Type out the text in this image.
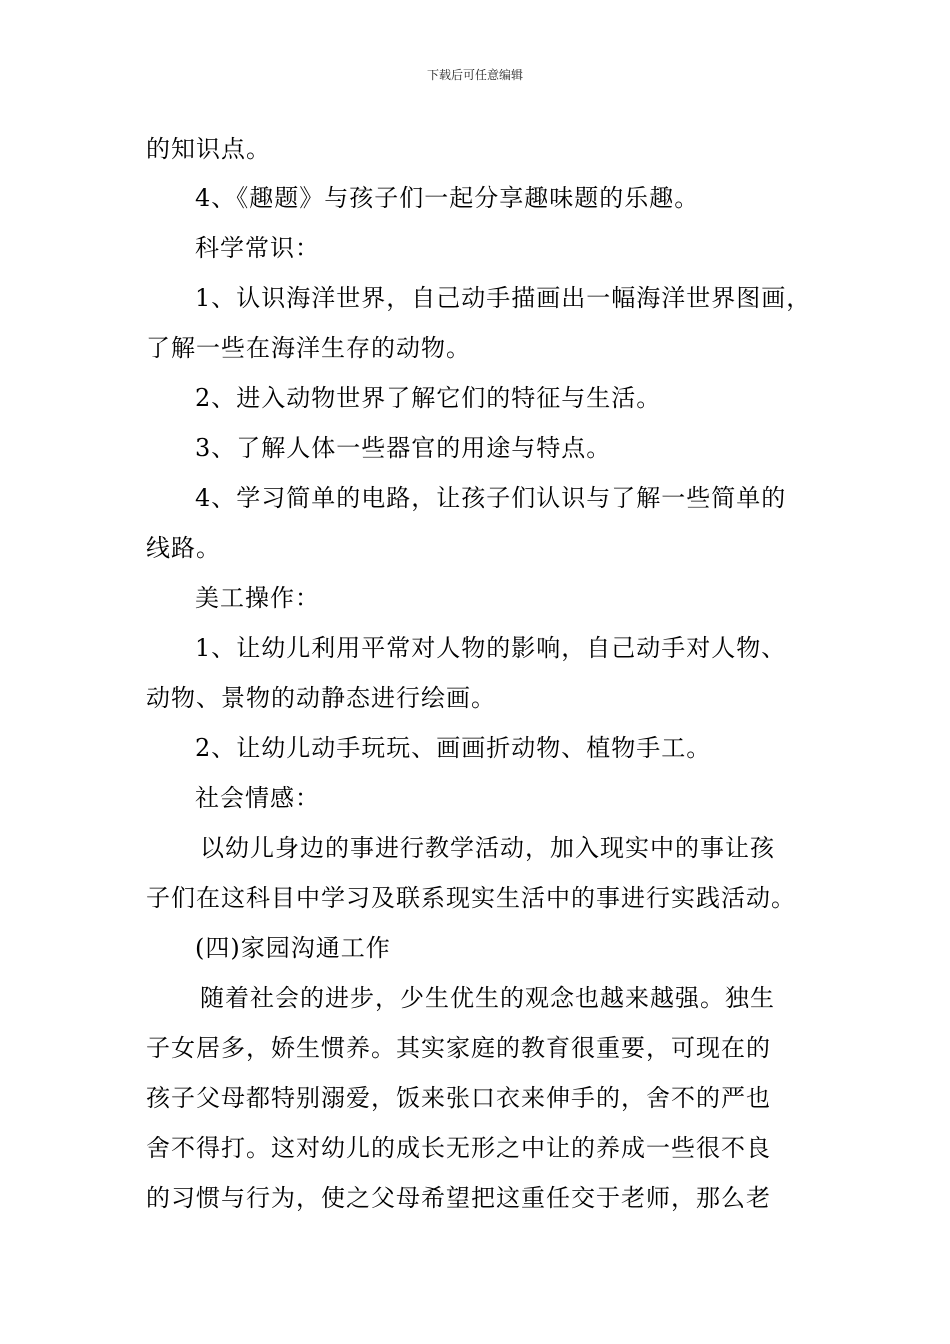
下载后可任意编辑
的知识点。
4、《趣题》与孩子们一起分享趣味题的乐趣。
科学常识：
1、认识海洋世界，自己动手描画出一幅海洋世界图画，
了解一些在海洋生存的动物。
2、进入动物世界了解它们的特征与生活。
3、了解人体一些器官的用途与特点。
4、学习简单的电路，让孩子们认识与了解一些简单的
线路。
美工操作：
1、让幼儿利用平常对人物的影响，自己动手对人物、
动物、景物的动静态进行绘画。
2、让幼儿动手玩玩、画画折动物、植物手工。
社会情感：
以幼儿身边的事进行教学活动，加入现实中的事让孩
子们在这科目中学习及联系现实生活中的事进行实践活动。
(四)家园沟通工作
随着社会的进步，少生优生的观念也越来越强。独生
子女居多，娇生惯养。其实家庭的教育很重要，可现在的
孩子父母都特别溺爱，饭来张口衣来伸手的，舍不的严也
舍不得打。这对幼儿的成长无形之中让的养成一些很不良
的习惯与行为，使之父母希望把这重任交于老师，那么老
